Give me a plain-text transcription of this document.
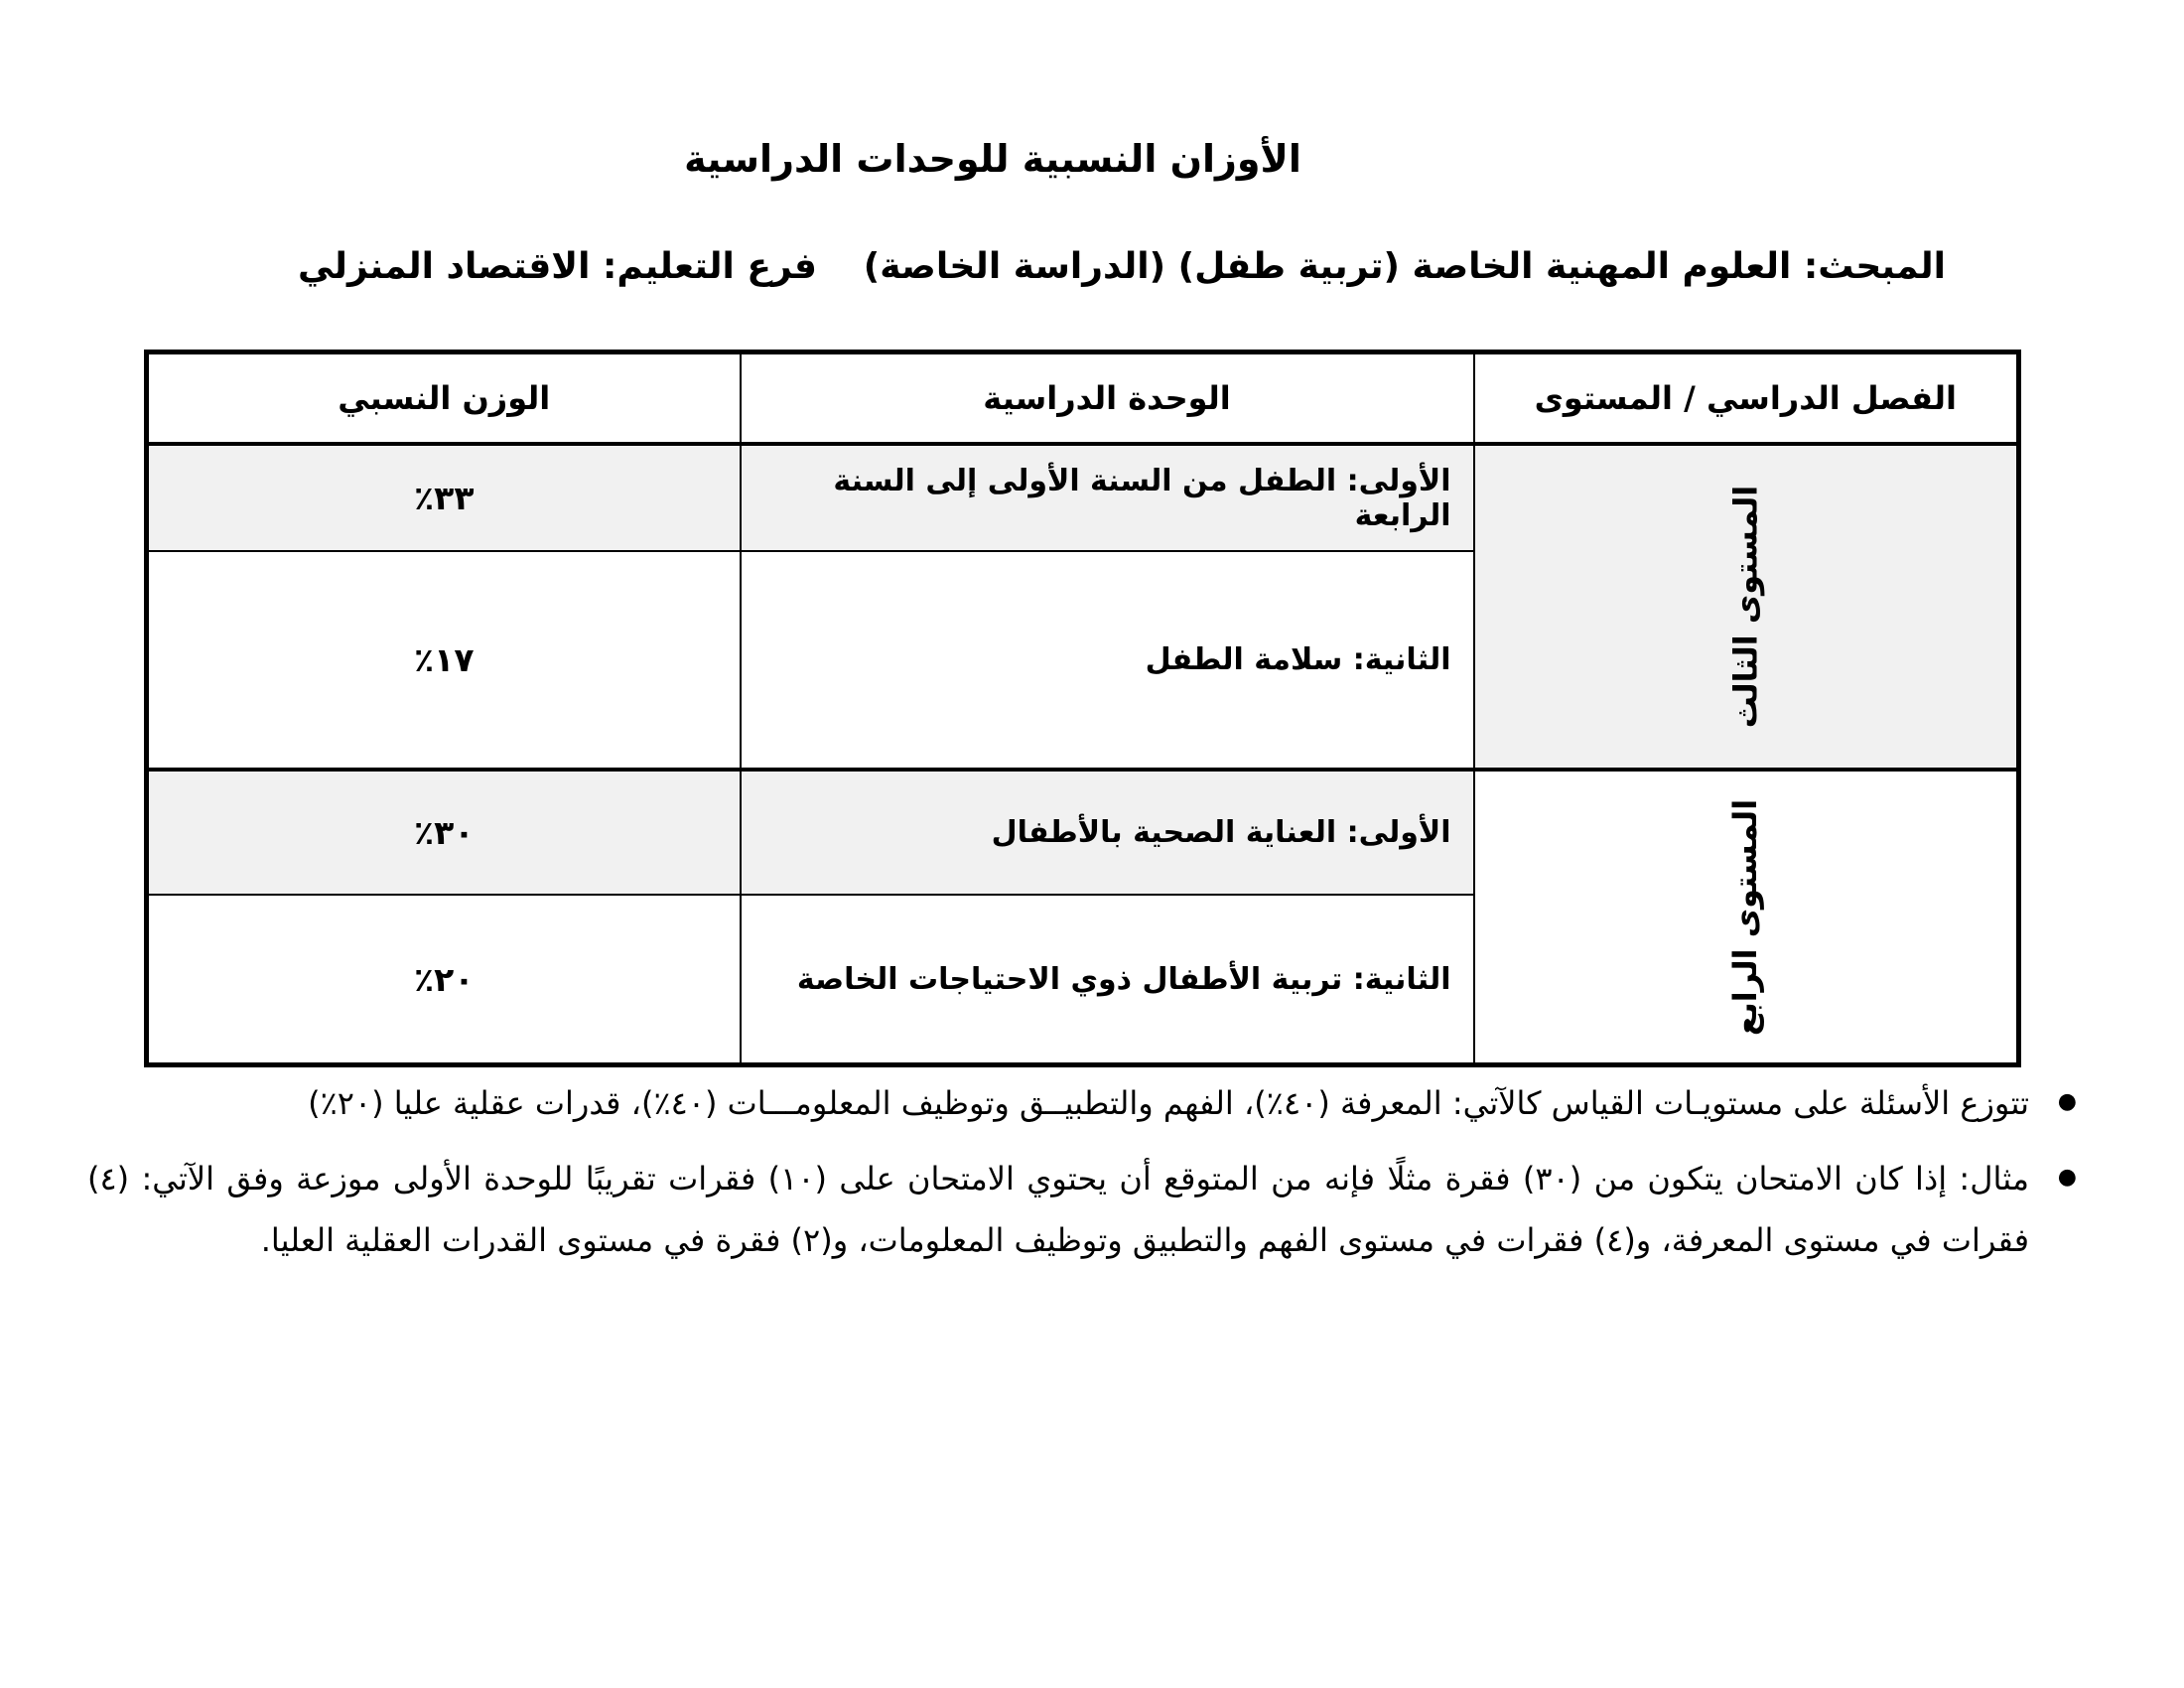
الأوزان النسبية للوحدات الدراسية
المبحث: العلوم المهنية الخاصة (تربية طفل) (الدراسة الخاصة)
فرع التعليم: الاقتصاد المنزلي
الفصل الدراسي / المستوى	الوحدة الدراسية	الوزن النسبي
المستوى الثالث	الأولى: الطفل من السنة الأولى إلى السنة الرابعة	٣٣٪
	الثانية: سلامة الطفل	١٧٪
المستوى الرابع	الأولى: العناية الصحية بالأطفال	٣٠٪
	الثانية: تربية الأطفال ذوي الاحتياجات الخاصة	٢٠٪
●
تتوزع الأسئلة على مستويـات القياس كالآتي: المعرفة (٤٠٪)، الفهم والتطبيــق وتوظيف المعلومـــات (٤٠٪)، قدرات عقلية عليا (٢٠٪)
●
مثال: إذا كان الامتحان يتكون من (٣٠) فقرة مثلًا فإنه من المتوقع أن يحتوي الامتحان على (١٠) فقرات تقريبًا للوحدة الأولى موزعة وفق الآتي: (٤) فقرات في مستوى المعرفة، و(٤) فقرات في مستوى الفهم والتطبيق وتوظيف المعلومات، و(٢) فقرة في مستوى القدرات العقلية العليا.
